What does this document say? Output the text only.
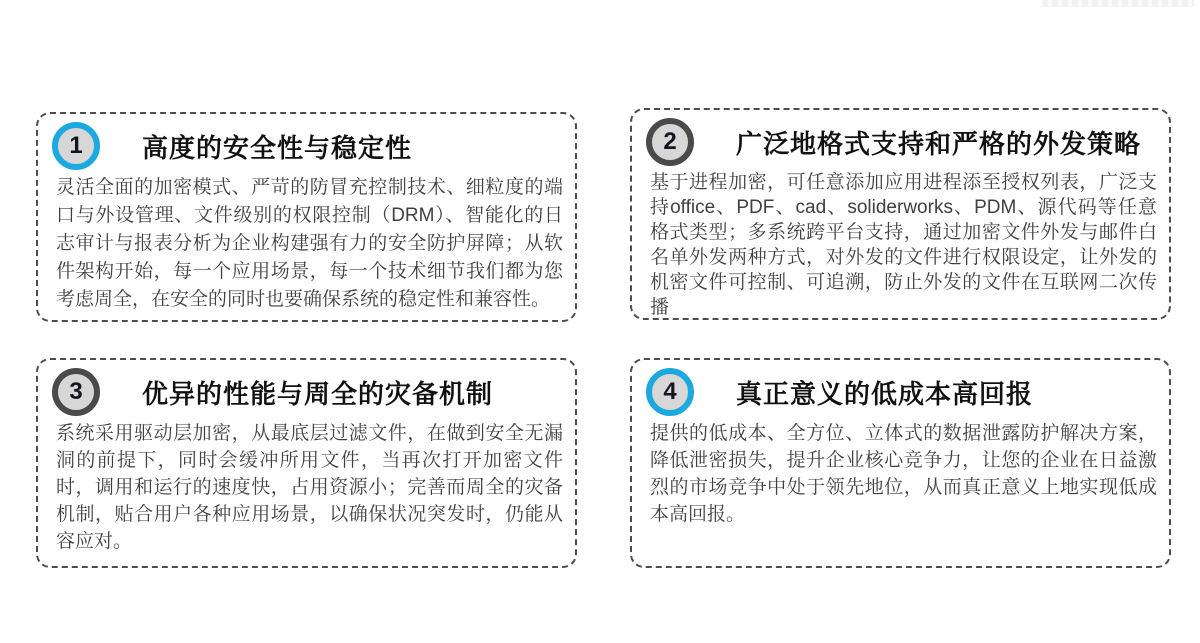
1 高度的安全性与稳定性
灵活全面的加密模式、严苛的防冒充控制技术、细粒度的端口与外设管理、文件级别的权限控制（DRM）、智能化的日志审计与报表分析为企业构建强有力的安全防护屏障；从软件架构开始，每一个应用场景，每一个技术细节我们都为您考虑周全，在安全的同时也要确保系统的稳定性和兼容性。
2 广泛地格式支持和严格的外发策略
基于进程加密，可任意添加应用进程添至授权列表，广泛支持office、PDF、cad、soliderworks、PDM、源代码等任意格式类型；多系统跨平台支持，通过加密文件外发与邮件白名单外发两种方式，对外发的文件进行权限设定，让外发的机密文件可控制、可追溯，防止外发的文件在互联网二次传播
3 优异的性能与周全的灾备机制
系统采用驱动层加密，从最底层过滤文件，在做到安全无漏洞的前提下，同时会缓冲所用文件，当再次打开加密文件时，调用和运行的速度快，占用资源小；完善而周全的灾备机制，贴合用户各种应用场景，以确保状况突发时，仍能从容应对。
4 真正意义的低成本高回报
提供的低成本、全方位、立体式的数据泄露防护解决方案，降低泄密损失，提升企业核心竞争力，让您的企业在日益激烈的市场竞争中处于领先地位，从而真正意义上地实现低成本高回报。
